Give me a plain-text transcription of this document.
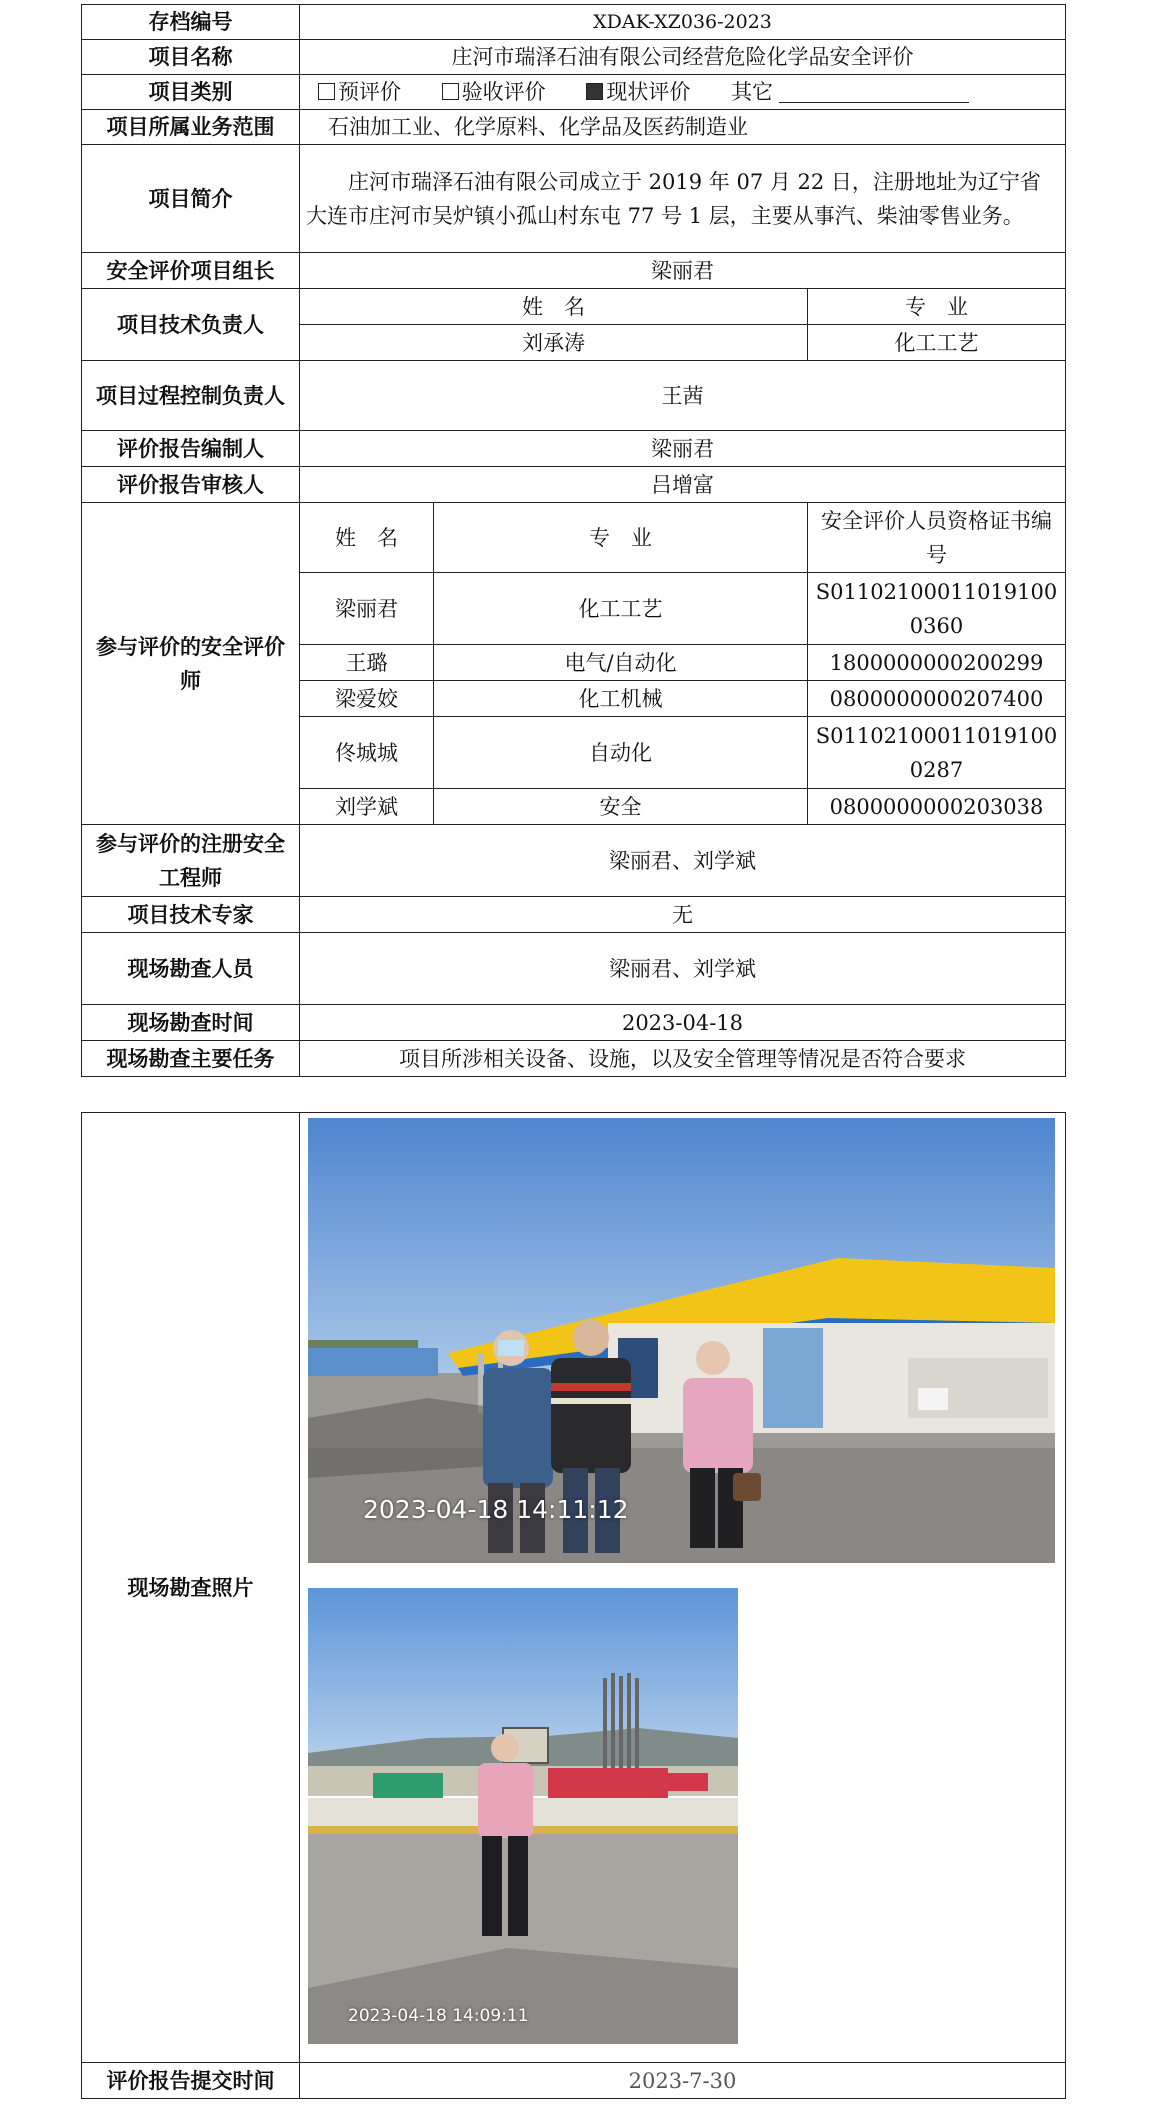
存档编号	XDAK-XZ036-2023		
项目名称	庄河市瑞泽石油有限公司经营危险化学品安全评价		
项目类别	预评价 验收评价 现状评价 其它		
项目所属业务范围	石油加工业、化学原料、化学品及医药制造业		
项目简介	庄河市瑞泽石油有限公司成立于 2019 年 07 月 22 日，注册地址为辽宁省大连市庄河市吴炉镇小孤山村东屯 77 号 1 层，主要从事汽、柴油零售业务。		
安全评价项目组长	梁丽君		
项目技术负责人	姓　名		专　业
	刘承涛		化工工艺
项目过程控制负责人	王茜		
评价报告编制人	梁丽君		
评价报告审核人	吕增富		
参与评价的安全评价师	姓　名	专　业	安全评价人员资格证书编号
	梁丽君	化工工艺	S011021000110191000360
	王璐	电气/自动化	1800000000200299
	梁爱姣	化工机械	0800000000207400
	佟城城	自动化	S011021000110191000287
	刘学斌	安全	0800000000203038
参与评价的注册安全工程师	梁丽君、刘学斌		
项目技术专家	无		
现场勘查人员	梁丽君、刘学斌		
现场勘查时间	2023-04-18		
现场勘查主要任务	项目所涉相关设备、设施，以及安全管理等情况是否符合要求		
现场勘查照片	
评价报告提交时间	2023-7-30
2023-04-18 14:11:12
2023-04-18 14:09:11
